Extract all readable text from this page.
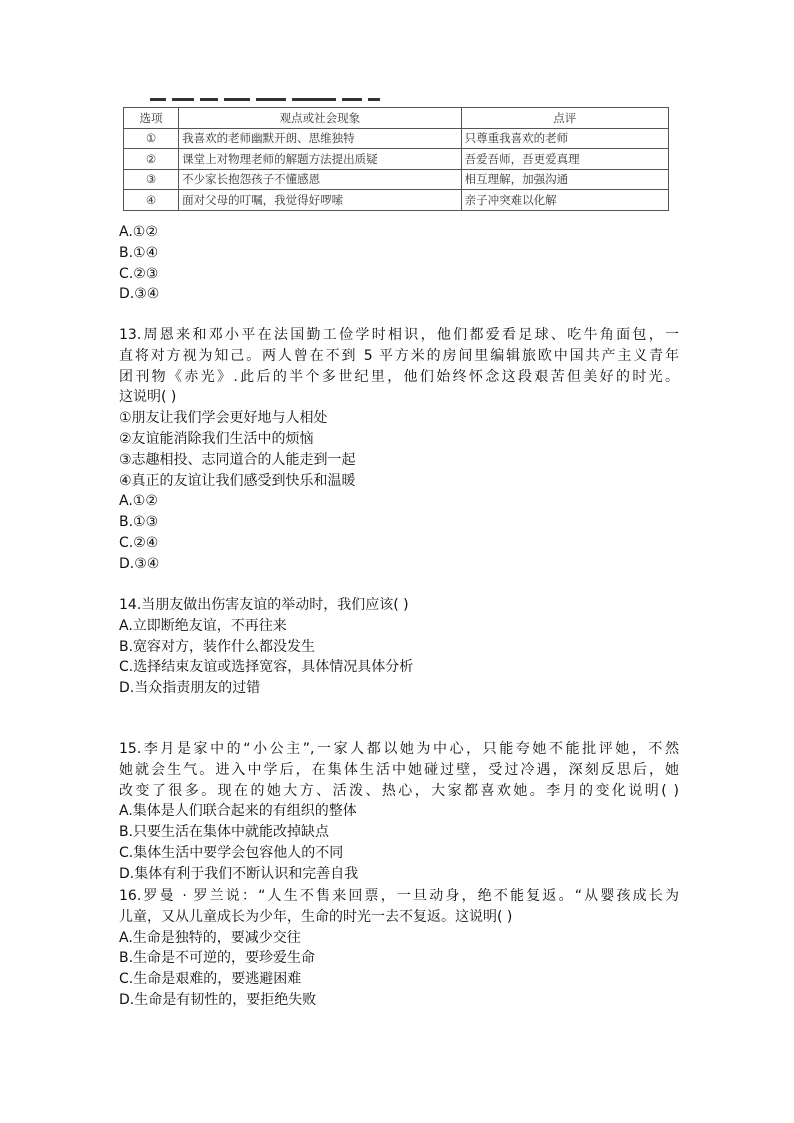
选项	观点或社会现象	点评
①	我喜欢的老师幽默开朗、思维独特	只尊重我喜欢的老师
②	课堂上对物理老师的解题方法提出质疑	吾爱吾师，吾更爱真理
③	不少家长抱怨孩子不懂感恩	相互理解，加强沟通
④	面对父母的叮嘱，我觉得好啰嗦	亲子冲突难以化解
A.①②
B.①④
C.②③
D.③④
13.周恩来和邓小平在法国勤工俭学时相识，他们都爱看足球、吃牛角面包，一
直将对方视为知己。两人曾在不到 5 平方米的房间里编辑旅欧中国共产主义青年
团刊物《赤光》.此后的半个多世纪里，他们始终怀念这段艰苦但美好的时光。
这说明( )
①朋友让我们学会更好地与人相处
②友谊能消除我们生活中的烦恼
③志趣相投、志同道合的人能走到一起
④真正的友谊让我们感受到快乐和温暖
A.①②
B.①③
C.②④
D.③④
14.当朋友做出伤害友谊的举动时，我们应该( )
A.立即断绝友谊，不再往来
B.宽容对方，装作什么都没发生
C.选择结束友谊或选择宽容，具体情况具体分析
D.当众指责朋友的过错
15.李月是家中的“小公主”,一家人都以她为中心，只能夸她不能批评她，不然
她就会生气。进入中学后，在集体生活中她碰过壁，受过冷遇，深刻反思后，她
改变了很多。现在的她大方、活泼、热心，大家都喜欢她。李月的变化说明( )
A.集体是人们联合起来的有组织的整体
B.只要生活在集体中就能改掉缺点
C.集体生活中要学会包容他人的不同
D.集体有利于我们不断认识和完善自我
16.罗曼 · 罗兰说：“人生不售来回票，一旦动身，绝不能复返。“从婴孩成长为
儿童，又从儿童成长为少年，生命的时光一去不复返。这说明( )
A.生命是独特的，要减少交往
B.生命是不可逆的，要珍爱生命
C.生命是艰难的，要逃避困难
D.生命是有韧性的，要拒绝失败
